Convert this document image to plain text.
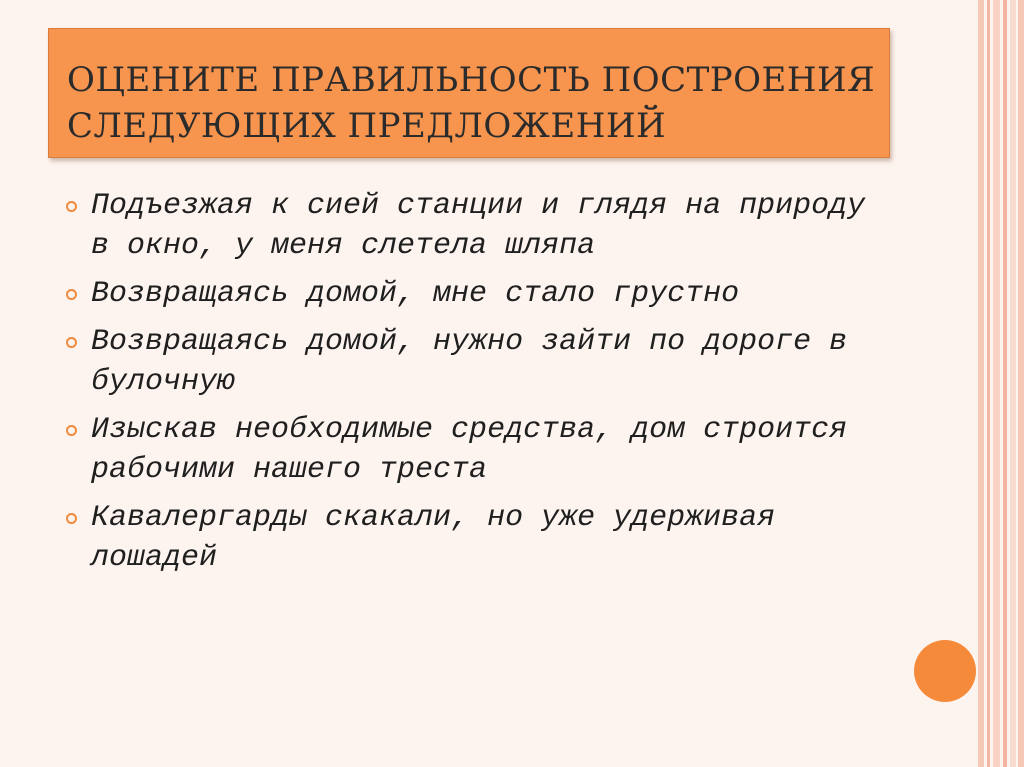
ОЦЕНИТЕ ПРАВИЛЬНОСТЬ ПОСТРОЕНИЯ
СЛЕДУЮЩИХ ПРЕДЛОЖЕНИЙ
Подъезжая к сией станции и глядя на природу в окно, у меня слетела шляпа
Возвращаясь домой, мне стало грустно
Возвращаясь домой, нужно зайти по дороге в булочную
Изыскав необходимые средства, дом строится рабочими нашего треста
Кавалергарды скакали, но уже удерживая лошадей
